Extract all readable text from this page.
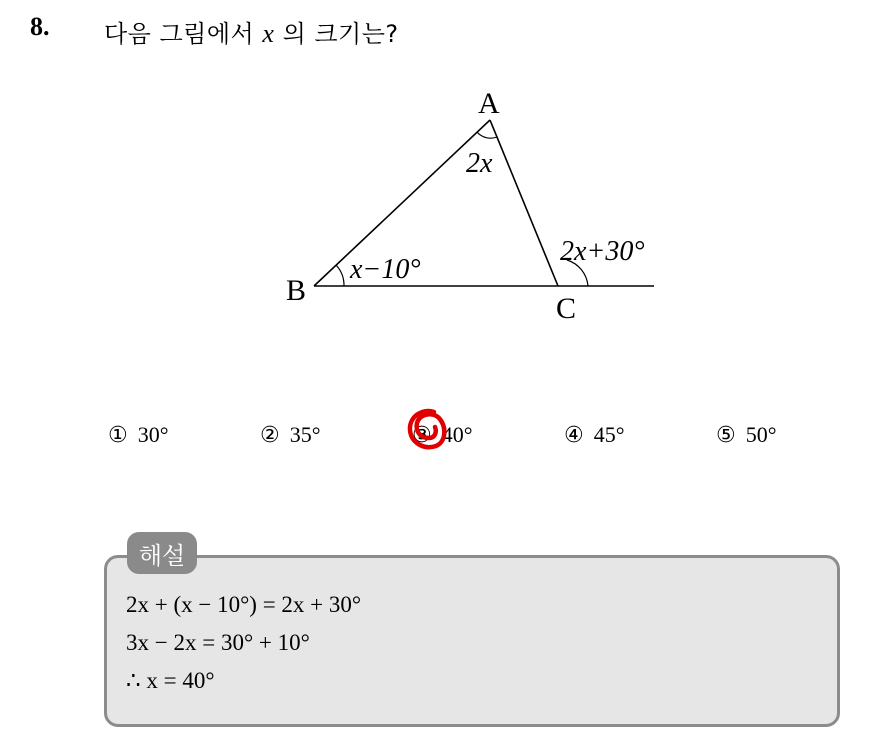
8. 다음 그림에서 x 의 크기는?
A
B
C
2x
x−10°
2x+30°
① 30°	② 35°	③ 40°	④ 45°	⑤ 50°
해설
2x + (x − 10°) = 2x + 30°
3x − 2x = 30° + 10°
∴ x = 40°
